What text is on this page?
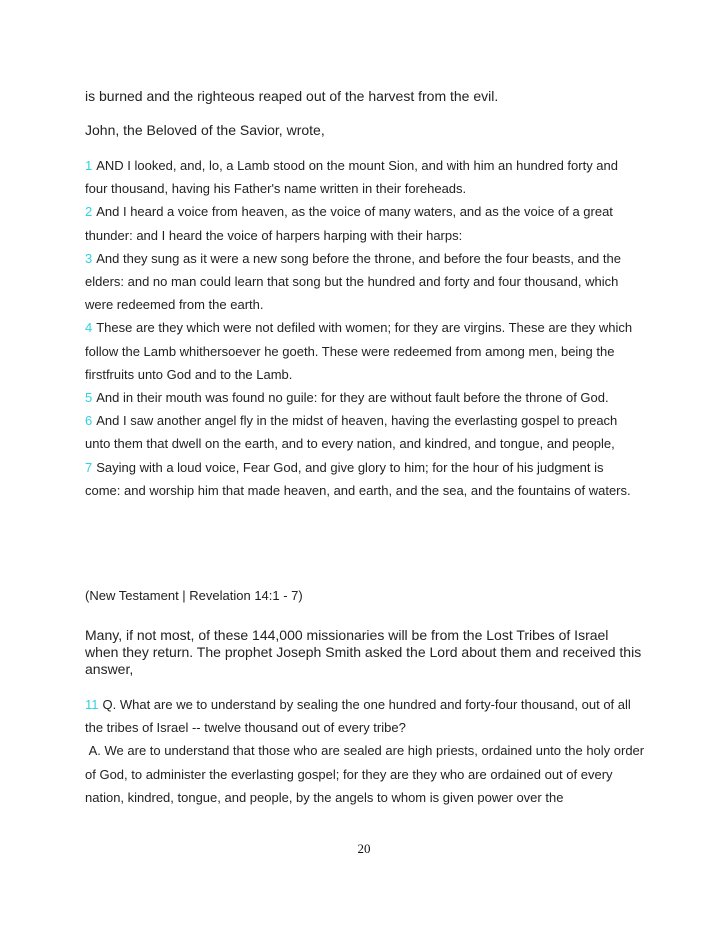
is burned and the righteous reaped out of the harvest from the evil.

John, the Beloved of the Savior, wrote,

1 AND I looked, and, lo, a Lamb stood on the mount Sion, and with him an hundred forty and four thousand, having his Father's name written in their foreheads.
2 And I heard a voice from heaven, as the voice of many waters, and as the voice of a great thunder: and I heard the voice of harpers harping with their harps:
3 And they sung as it were a new song before the throne, and before the four beasts, and the elders: and no man could learn that song but the hundred and forty and four thousand, which were redeemed from the earth.
4 These are they which were not defiled with women; for they are virgins. These are they which follow the Lamb whithersoever he goeth. These were redeemed from among men, being the firstfruits unto God and to the Lamb.
5 And in their mouth was found no guile: for they are without fault before the throne of God.
6 And I saw another angel fly in the midst of heaven, having the everlasting gospel to preach unto them that dwell on the earth, and to every nation, and kindred, and tongue, and people,
7 Saying with a loud voice, Fear God, and give glory to him; for the hour of his judgment is come: and worship him that made heaven, and earth, and the sea, and the fountains of waters.

(New Testament | Revelation 14:1 - 7)

Many, if not most, of these 144,000 missionaries will be from the Lost Tribes of Israel when they return. The prophet Joseph Smith asked the Lord about them and received this answer,

11 Q. What are we to understand by sealing the one hundred and forty-four thousand, out of all the tribes of Israel -- twelve thousand out of every tribe?
A. We are to understand that those who are sealed are high priests, ordained unto the holy order of God, to administer the everlasting gospel; for they are they who are ordained out of every nation, kindred, tongue, and people, by the angels to whom is given power over the
20
